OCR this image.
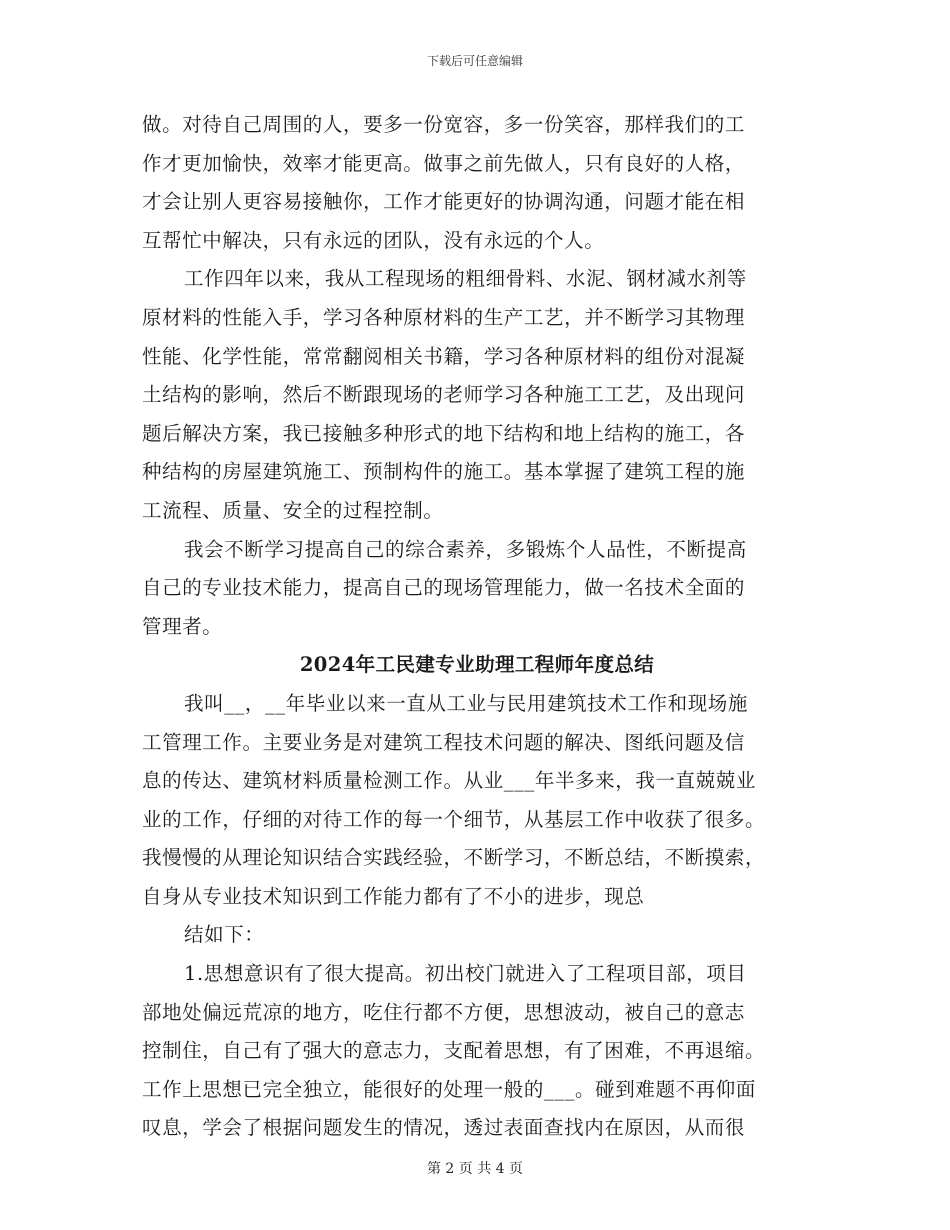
下载后可任意编辑
做。对待自己周围的人，要多一份宽容，多一份笑容，那样我们的工
作才更加愉快，效率才能更高。做事之前先做人，只有良好的人格，
才会让别人更容易接触你，工作才能更好的协调沟通，问题才能在相
互帮忙中解决，只有永远的团队，没有永远的个人。
工作四年以来，我从工程现场的粗细骨料、水泥、钢材减水剂等
原材料的性能入手，学习各种原材料的生产工艺，并不断学习其物理
性能、化学性能，常常翻阅相关书籍，学习各种原材料的组份对混凝
土结构的影响，然后不断跟现场的老师学习各种施工工艺，及出现问
题后解决方案，我已接触多种形式的地下结构和地上结构的施工，各
种结构的房屋建筑施工、预制构件的施工。基本掌握了建筑工程的施
工流程、质量、安全的过程控制。
我会不断学习提高自己的综合素养，多锻炼个人品性，不断提高
自己的专业技术能力，提高自己的现场管理能力，做一名技术全面的
管理者。
2024年工民建专业助理工程师年度总结
我叫__，__年毕业以来一直从工业与民用建筑技术工作和现场施
工管理工作。主要业务是对建筑工程技术问题的解决、图纸问题及信
息的传达、建筑材料质量检测工作。从业___年半多来，我一直兢兢业
业的工作，仔细的对待工作的每一个细节，从基层工作中收获了很多。
我慢慢的从理论知识结合实践经验，不断学习，不断总结，不断摸索，
自身从专业技术知识到工作能力都有了不小的进步，现总
结如下：
1.思想意识有了很大提高。初出校门就进入了工程项目部，项目
部地处偏远荒凉的地方，吃住行都不方便，思想波动，被自己的意志
控制住，自己有了强大的意志力，支配着思想，有了困难，不再退缩。
工作上思想已完全独立，能很好的处理一般的___。碰到难题不再仰面
叹息，学会了根据问题发生的情况，透过表面查找内在原因，从而很
第 2 页 共 4 页
